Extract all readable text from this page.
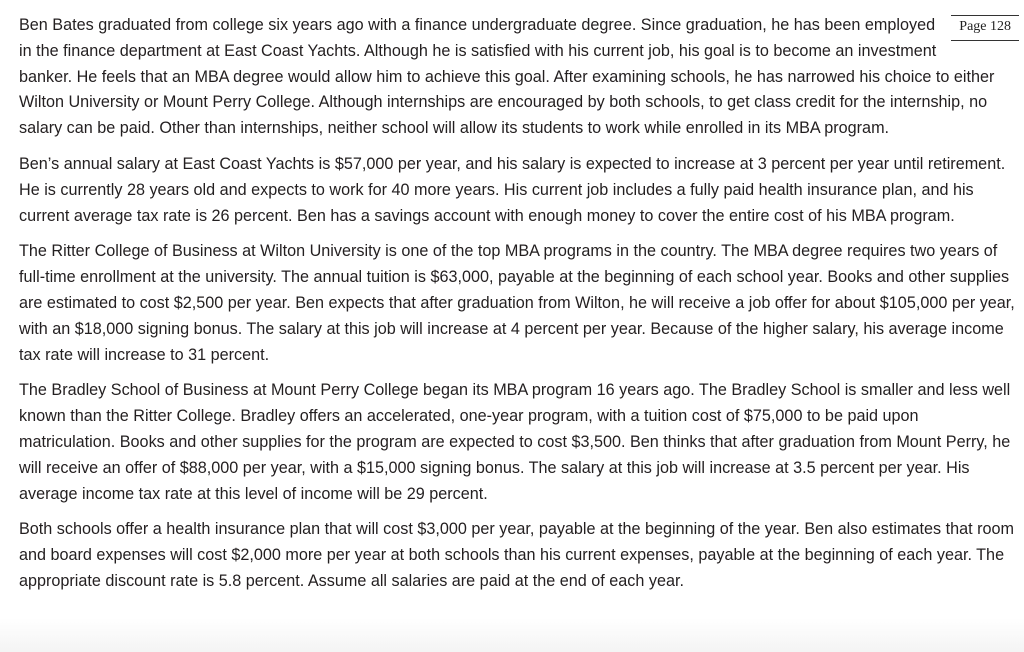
Page 128

Ben Bates graduated from college six years ago with a finance undergraduate degree. Since graduation, he has been employed in the finance department at East Coast Yachts. Although he is satisfied with his current job, his goal is to become an investment banker. He feels that an MBA degree would allow him to achieve this goal. After examining schools, he has narrowed his choice to either Wilton University or Mount Perry College. Although internships are encouraged by both schools, to get class credit for the internship, no salary can be paid. Other than internships, neither school will allow its students to work while enrolled in its MBA program.

Ben’s annual salary at East Coast Yachts is $57,000 per year, and his salary is expected to increase at 3 percent per year until retirement. He is currently 28 years old and expects to work for 40 more years. His current job includes a fully paid health insurance plan, and his current average tax rate is 26 percent. Ben has a savings account with enough money to cover the entire cost of his MBA program.

The Ritter College of Business at Wilton University is one of the top MBA programs in the country. The MBA degree requires two years of full-time enrollment at the university. The annual tuition is $63,000, payable at the beginning of each school year. Books and other supplies are estimated to cost $2,500 per year. Ben expects that after graduation from Wilton, he will receive a job offer for about $105,000 per year, with an $18,000 signing bonus. The salary at this job will increase at 4 percent per year. Because of the higher salary, his average income tax rate will increase to 31 percent.

The Bradley School of Business at Mount Perry College began its MBA program 16 years ago. The Bradley School is smaller and less well known than the Ritter College. Bradley offers an accelerated, one-year program, with a tuition cost of $75,000 to be paid upon matriculation. Books and other supplies for the program are expected to cost $3,500. Ben thinks that after graduation from Mount Perry, he will receive an offer of $88,000 per year, with a $15,000 signing bonus. The salary at this job will increase at 3.5 percent per year. His average income tax rate at this level of income will be 29 percent.

Both schools offer a health insurance plan that will cost $3,000 per year, payable at the beginning of the year. Ben also estimates that room and board expenses will cost $2,000 more per year at both schools than his current expenses, payable at the beginning of each year. The appropriate discount rate is 5.8 percent. Assume all salaries are paid at the end of each year.
